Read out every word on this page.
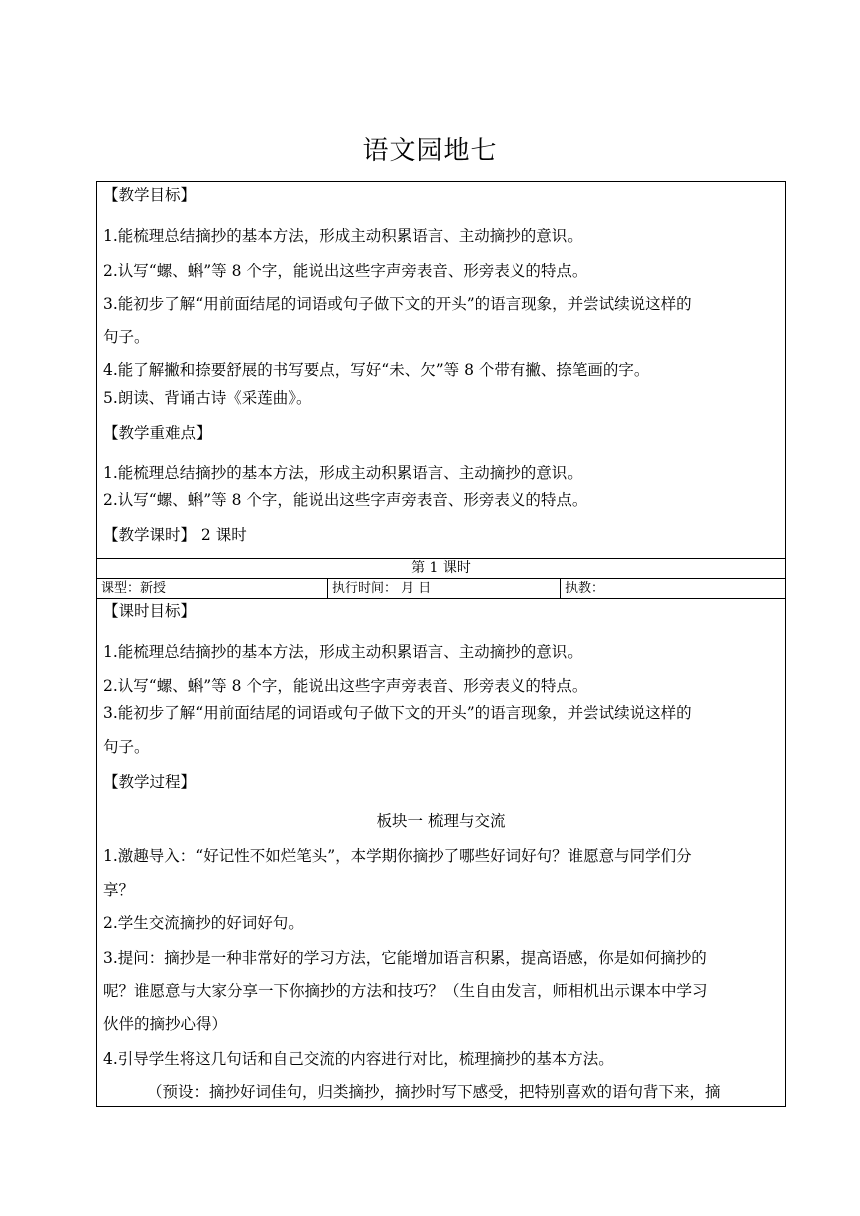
语文园地七
【教学目标】
1.能梳理总结摘抄的基本方法，形成主动积累语言、主动摘抄的意识。
2.认写“螺、蝌”等 8 个字，能说出这些字声旁表音、形旁表义的特点。
3.能初步了解“用前面结尾的词语或句子做下文的开头”的语言现象，并尝试续说这样的
句子。
4.能了解撇和捺要舒展的书写要点，写好“未、欠”等 8 个带有撇、捺笔画的字。
5.朗读、背诵古诗《采莲曲》。
【教学重难点】
1.能梳理总结摘抄的基本方法，形成主动积累语言、主动摘抄的意识。
2.认写“螺、蝌”等 8 个字，能说出这些字声旁表音、形旁表义的特点。
【教学课时】 2 课时
第 1 课时
课型：新授	执行时间： 月 日	执教：
【课时目标】
1.能梳理总结摘抄的基本方法，形成主动积累语言、主动摘抄的意识。
2.认写“螺、蝌”等 8 个字，能说出这些字声旁表音、形旁表义的特点。
3.能初步了解“用前面结尾的词语或句子做下文的开头”的语言现象，并尝试续说这样的
句子。
【教学过程】
板块一 梳理与交流
1.激趣导入：“好记性不如烂笔头”，本学期你摘抄了哪些好词好句？谁愿意与同学们分
享？
2.学生交流摘抄的好词好句。
3.提问：摘抄是一种非常好的学习方法，它能增加语言积累，提高语感，你是如何摘抄的
呢？谁愿意与大家分享一下你摘抄的方法和技巧？（生自由发言，师相机出示课本中学习
伙伴的摘抄心得）
4.引导学生将这几句话和自己交流的内容进行对比，梳理摘抄的基本方法。
（预设：摘抄好词佳句，归类摘抄，摘抄时写下感受，把特别喜欢的语句背下来，摘
